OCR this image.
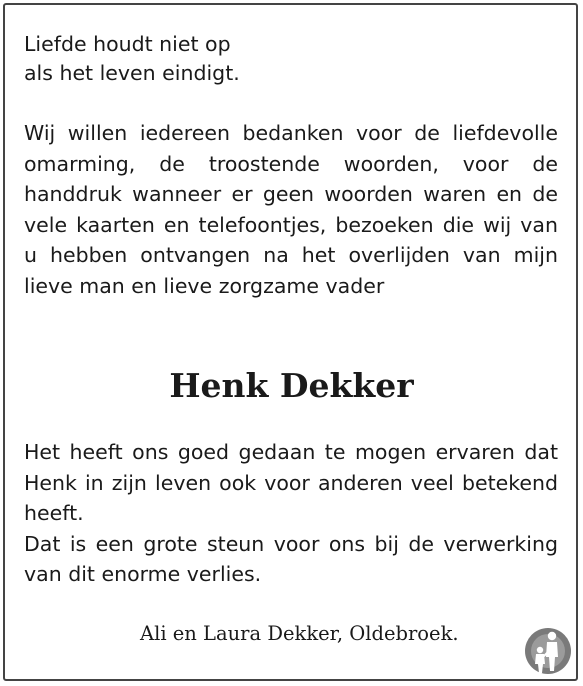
Liefde houdt niet op
als het leven eindigt.

Wij willen iedereen bedanken voor de liefdevolle omarming, de troostende woorden, voor de handdruk wanneer er geen woorden waren en de vele kaarten en telefoontjes, bezoeken die wij van u hebben ontvangen na het overlijden van mijn lieve man en lieve zorgzame vader

Henk Dekker
Het heeft ons goed gedaan te mogen ervaren dat Henk in zijn leven ook voor anderen veel betekend heeft.
Dat is een grote steun voor ons bij de verwerking van dit enorme verlies.
Ali en Laura Dekker, Oldebroek.
